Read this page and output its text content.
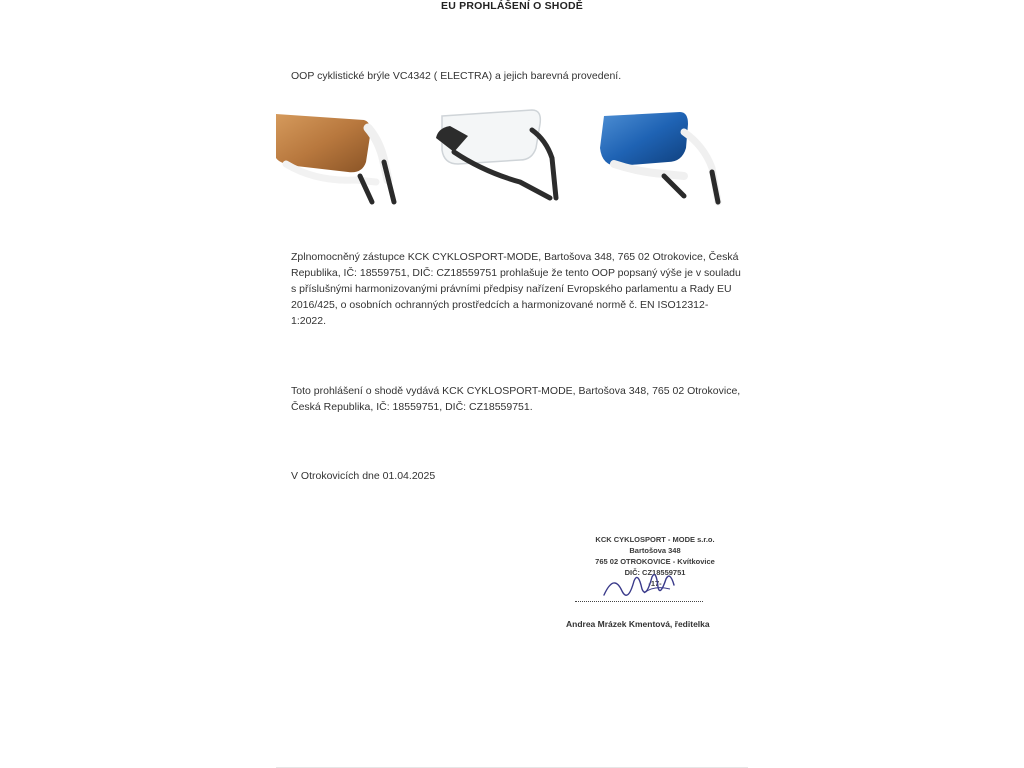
EU PROHLÁŠENÍ O SHODĚ
OOP cyklistické brýle VC4342 ( ELECTRA) a jejich barevná provedení.
Zplnomocněný zástupce KCK CYKLOSPORT-MODE, Bartošova 348, 765 02 Otrokovice, Česká
Republika, IČ: 18559751, DIČ: CZ18559751 prohlašuje že tento OOP popsaný výše je v souladu
s příslušnými harmonizovanými právními předpisy nařízení Evropského parlamentu a Rady EU
2016/425, o osobních ochranných prostředcích a harmonizované normě č. EN ISO12312-
1:2022.
Toto prohlášení o shodě vydává KCK CYKLOSPORT-MODE, Bartošova 348, 765 02 Otrokovice,
Česká Republika, IČ: 18559751, DIČ: CZ18559751.
V Otrokovicích dne 01.04.2025
KCK CYKLOSPORT - MODE s.r.o.
Bartošova 348
765 02 OTROKOVICE - Kvítkovice
DIČ: CZ18559751
-17-
Andrea Mrázek Kmentová, ředitelka
